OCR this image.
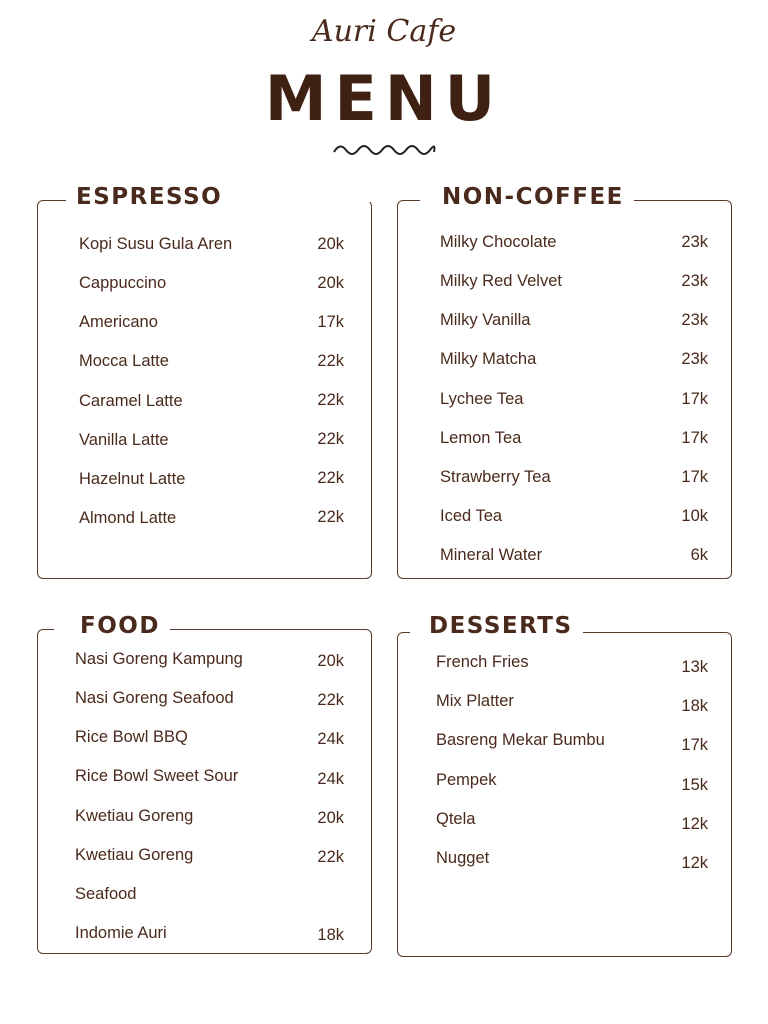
Auri Cafe
MENU
ESPRESSO
Kopi Susu Gula Aren	20k
Cappuccino	20k
Americano	17k
Mocca Latte	22k
Caramel Latte	22k
Vanilla Latte	22k
Hazelnut Latte	22k
Almond Latte	22k
NON-COFFEE
Milky Chocolate	23k
Milky Red Velvet	23k
Milky Vanilla	23k
Milky Matcha	23k
Lychee Tea	17k
Lemon Tea	17k
Strawberry Tea	17k
Iced Tea	10k
Mineral Water	6k
FOOD
Nasi Goreng Kampung	20k
Nasi Goreng Seafood	22k
Rice Bowl BBQ	24k
Rice Bowl Sweet Sour	24k
Kwetiau Goreng	20k
Kwetiau Goreng	22k
Seafood
Indomie Auri	18k
DESSERTS
French Fries	13k
Mix Platter	18k
Basreng Mekar Bumbu	17k
Pempek	15k
Qtela	12k
Nugget	12k
